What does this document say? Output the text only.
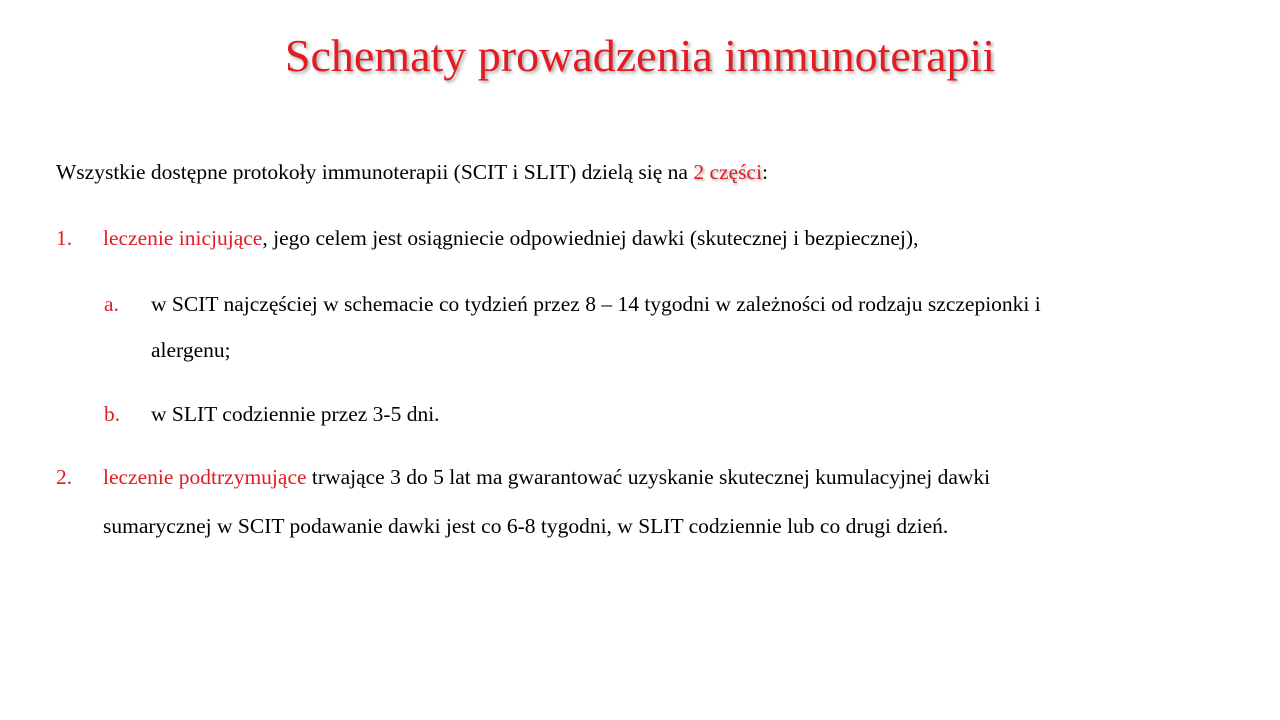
Schematy prowadzenia immunoterapii
Wszystkie dostępne protokoły immunoterapii (SCIT i SLIT) dzielą się na 2 części:
1. leczenie inicjujące, jego celem jest osiągniecie odpowiedniej dawki (skutecznej i bezpiecznej),
a. w SCIT najczęściej w schemacie co tydzień przez 8 – 14 tygodni w zależności od rodzaju szczepionki i
alergenu;
b. w SLIT codziennie przez 3-5 dni.
2. leczenie podtrzymujące trwające 3 do 5 lat ma gwarantować uzyskanie skutecznej kumulacyjnej dawki
sumarycznej w SCIT podawanie dawki jest co 6-8 tygodni, w SLIT codziennie lub co drugi dzień.
